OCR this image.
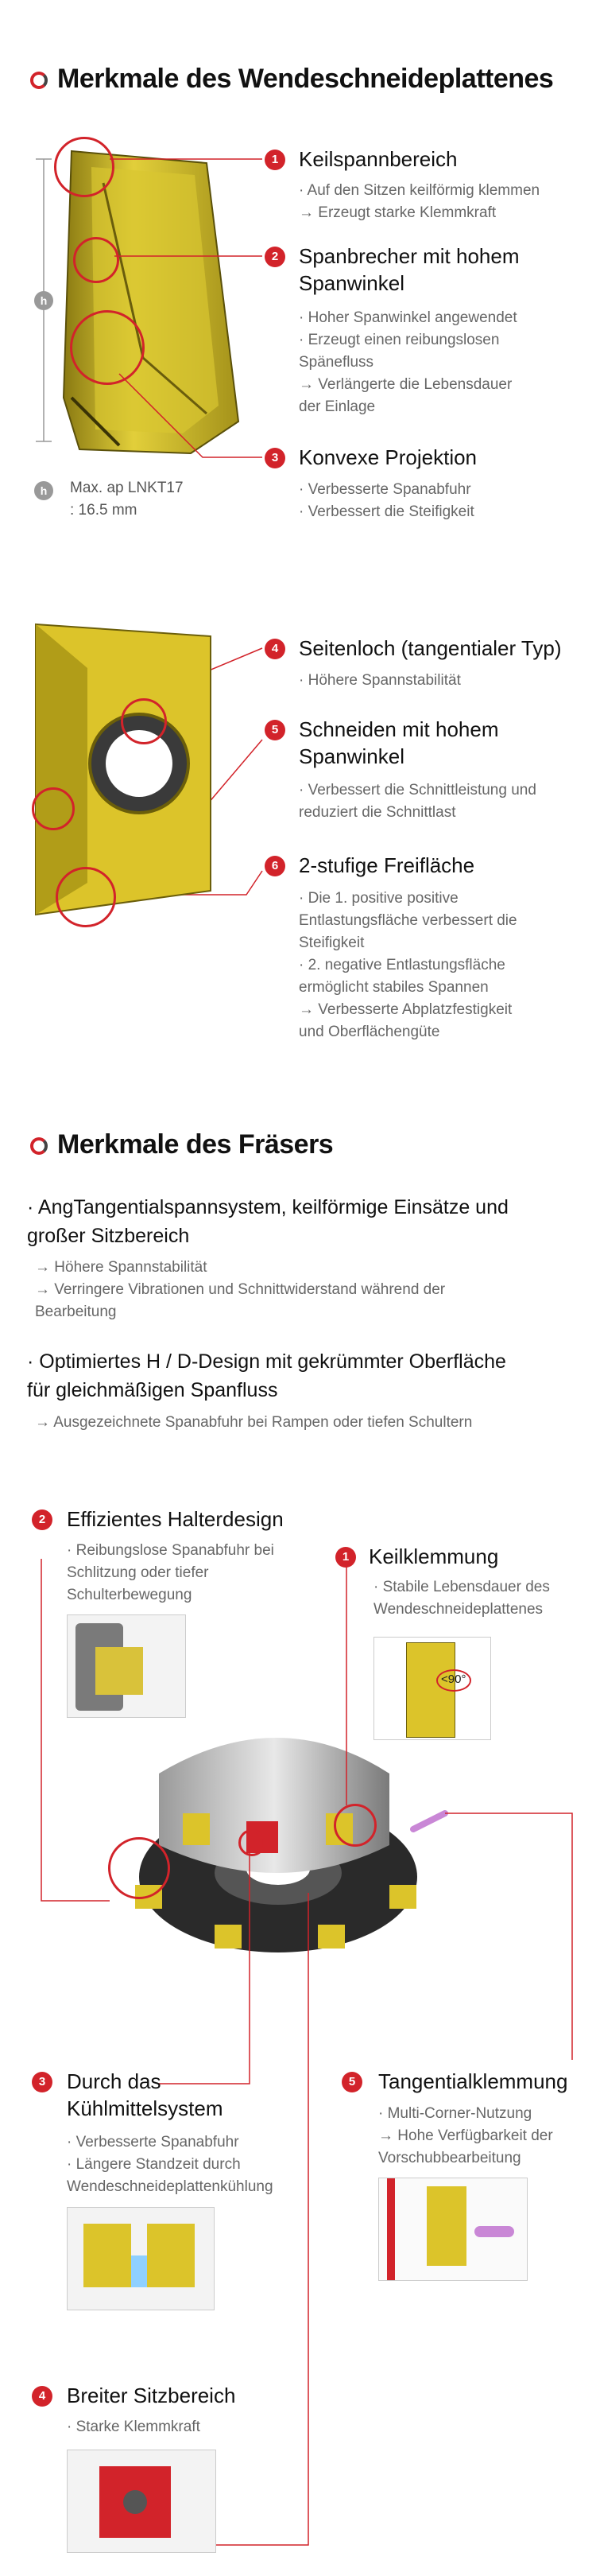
Merkmale des Wendeschneideplattenes
h
h	Max. ap LNKT17
: 16.5 mm
1 Keilspannbereich
· Auf den Sitzen keilförmig klemmen
→ Erzeugt starke Klemmkraft
2 Spanbrecher mit hohem
Spanwinkel
· Hoher Spanwinkel angewendet
· Erzeugt einen reibungslosen
Spänefluss
→ Verlängerte die Lebensdauer
der Einlage
3 Konvexe Projektion
· Verbesserte Spanabfuhr
· Verbessert die Steifigkeit
4 Seitenloch (tangentialer Typ)
· Höhere Spannstabilität
5 Schneiden mit hohem
Spanwinkel
· Verbessert die Schnittleistung und
reduziert die Schnittlast
6 2-stufige Freifläche
· Die 1. positive positive
Entlastungsfläche verbessert die
Steifigkeit
· 2. negative Entlastungsfläche
ermöglicht stabiles Spannen
→ Verbesserte Abplatzfestigkeit
und Oberflächengüte
Merkmale des Fräsers
· AngTangentialspannsystem, keilförmige Einsätze und
großer Sitzbereich
→ Höhere Spannstabilität
→ Verringere Vibrationen und Schnittwiderstand während der
Bearbeitung
· Optimiertes H / D-Design mit gekrümmter Oberfläche
für gleichmäßigen Spanfluss
→ Ausgezeichnete Spanabfuhr bei Rampen oder tiefen Schultern
2	Effizientes Halterdesign
· Reibungslose Spanabfuhr bei
Schlitzung oder tiefer
Schulterbewegung
1 Keilklemmung
· Stabile Lebensdauer des
Wendeschneideplattenes
<90°
3	Durch das
Kühlmittelsystem
· Verbesserte Spanabfuhr
· Längere Standzeit durch
Wendeschneideplattenkühlung
5	Tangentialklemmung
· Multi-Corner-Nutzung
→ Hohe Verfügbarkeit der
Vorschubbearbeitung
4	Breiter Sitzbereich
· Starke Klemmkraft
